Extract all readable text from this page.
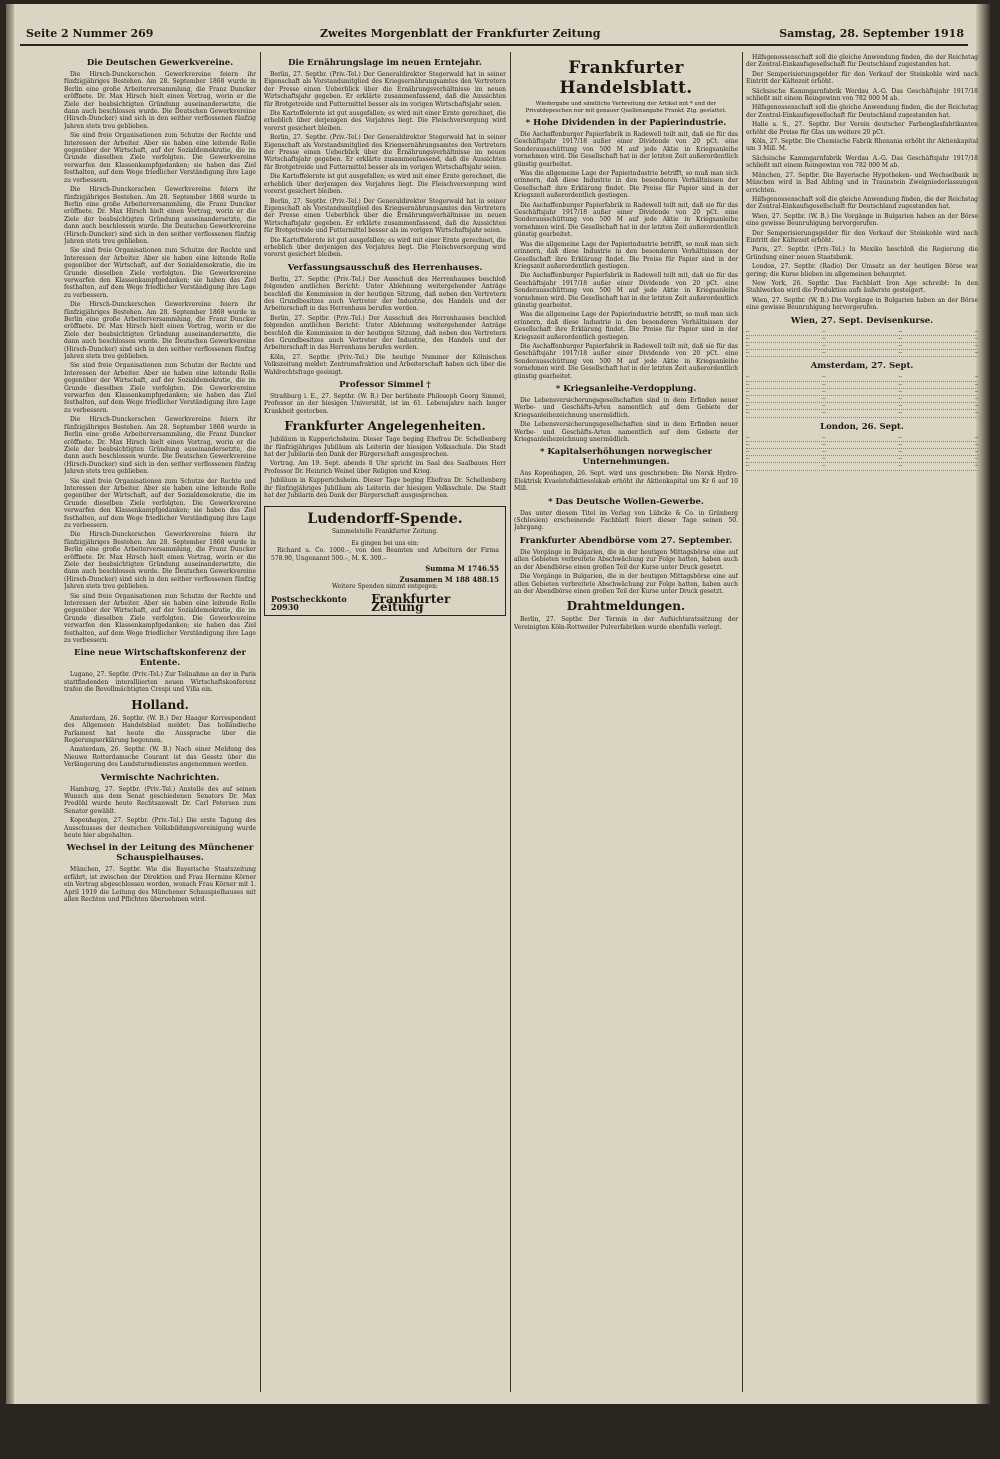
Seite 2 Nummer 269	Zweites Morgenblatt der Frankfurter Zeitung	Samstag, 28. September 1918
Die Deutschen Gewerkvereine.

Die Hirsch-Dunckerschen Gewerkvereine feiern ihr fünfzigjähriges Bestehen. Am 28. September 1868 wurde in Berlin eine große Arbeiterversammlung, die Franz Duncker eröffnete. Dr. Max Hirsch hielt einen Vortrag, worin er die Ziele der beabsichtigten Gründung auseinandersetzte, die dann auch beschlossen wurde. Die Deutschen Gewerkvereine (Hirsch-Duncker) sind sich in den seither verflossenen fünfzig Jahren stets treu geblieben.

Sie sind freie Organisationen zum Schutze der Rechte und Interessen der Arbeiter. Aber sie haben eine leitende Rolle gegenüber der Wirtschaft, auf der Sozialdemokratie, die im Grunde dieselben Ziele verfolgten. Die Gewerkvereine verwarfen den Klassenkampfgedanken; sie haben das Ziel festhalten, auf dem Wege friedlicher Verständigung ihre Lage zu verbessern.

Die Hirsch-Dunckerschen Gewerkvereine feiern ihr fünfzigjähriges Bestehen. Am 28. September 1868 wurde in Berlin eine große Arbeiterversammlung, die Franz Duncker eröffnete. Dr. Max Hirsch hielt einen Vortrag, worin er die Ziele der beabsichtigten Gründung auseinandersetzte, die dann auch beschlossen wurde. Die Deutschen Gewerkvereine (Hirsch-Duncker) sind sich in den seither verflossenen fünfzig Jahren stets treu geblieben.

Sie sind freie Organisationen zum Schutze der Rechte und Interessen der Arbeiter. Aber sie haben eine leitende Rolle gegenüber der Wirtschaft, auf der Sozialdemokratie, die im Grunde dieselben Ziele verfolgten. Die Gewerkvereine verwarfen den Klassenkampfgedanken; sie haben das Ziel festhalten, auf dem Wege friedlicher Verständigung ihre Lage zu verbessern.

Die Hirsch-Dunckerschen Gewerkvereine feiern ihr fünfzigjähriges Bestehen. Am 28. September 1868 wurde in Berlin eine große Arbeiterversammlung, die Franz Duncker eröffnete. Dr. Max Hirsch hielt einen Vortrag, worin er die Ziele der beabsichtigten Gründung auseinandersetzte, die dann auch beschlossen wurde. Die Deutschen Gewerkvereine (Hirsch-Duncker) sind sich in den seither verflossenen fünfzig Jahren stets treu geblieben.

Sie sind freie Organisationen zum Schutze der Rechte und Interessen der Arbeiter. Aber sie haben eine leitende Rolle gegenüber der Wirtschaft, auf der Sozialdemokratie, die im Grunde dieselben Ziele verfolgten. Die Gewerkvereine verwarfen den Klassenkampfgedanken; sie haben das Ziel festhalten, auf dem Wege friedlicher Verständigung ihre Lage zu verbessern.

Die Hirsch-Dunckerschen Gewerkvereine feiern ihr fünfzigjähriges Bestehen. Am 28. September 1868 wurde in Berlin eine große Arbeiterversammlung, die Franz Duncker eröffnete. Dr. Max Hirsch hielt einen Vortrag, worin er die Ziele der beabsichtigten Gründung auseinandersetzte, die dann auch beschlossen wurde. Die Deutschen Gewerkvereine (Hirsch-Duncker) sind sich in den seither verflossenen fünfzig Jahren stets treu geblieben.

Sie sind freie Organisationen zum Schutze der Rechte und Interessen der Arbeiter. Aber sie haben eine leitende Rolle gegenüber der Wirtschaft, auf der Sozialdemokratie, die im Grunde dieselben Ziele verfolgten. Die Gewerkvereine verwarfen den Klassenkampfgedanken; sie haben das Ziel festhalten, auf dem Wege friedlicher Verständigung ihre Lage zu verbessern.

Die Hirsch-Dunckerschen Gewerkvereine feiern ihr fünfzigjähriges Bestehen. Am 28. September 1868 wurde in Berlin eine große Arbeiterversammlung, die Franz Duncker eröffnete. Dr. Max Hirsch hielt einen Vortrag, worin er die Ziele der beabsichtigten Gründung auseinandersetzte, die dann auch beschlossen wurde. Die Deutschen Gewerkvereine (Hirsch-Duncker) sind sich in den seither verflossenen fünfzig Jahren stets treu geblieben.

Sie sind freie Organisationen zum Schutze der Rechte und Interessen der Arbeiter. Aber sie haben eine leitende Rolle gegenüber der Wirtschaft, auf der Sozialdemokratie, die im Grunde dieselben Ziele verfolgten. Die Gewerkvereine verwarfen den Klassenkampfgedanken; sie haben das Ziel festhalten, auf dem Wege friedlicher Verständigung ihre Lage zu verbessern.

Eine neue Wirtschaftskonferenz der Entente.

Lugano, 27. Septbr. (Priv.-Tel.) Zur Teilnahme an der in Paris stattfindenden interalliierten neuen Wirtschaftskonferenz trafen die Bevollmächtigten Crespi und Villa ein.

Holland.

Amsterdam, 26. Septbr. (W. B.) Der Haager Korrespondent des Allgemeen Handelsblad meldet: Das holländische Parlament hat heute die Aussprache über die Regierungserklärung begonnen.

Amsterdam, 26. Septbr. (W. B.) Nach einer Meldung des Nieuwe Rotterdamsche Courant ist das Gesetz über die Verlängerung des Landsturmdienstes angenommen worden.

Vermischte Nachrichten.

Hamburg, 27. Septbr. (Priv.-Tel.) Anstelle des auf seinen Wunsch aus dem Senat geschiedenen Senators Dr. Max Predöhl wurde heute Rechtsanwalt Dr. Carl Petersen zum Senator gewählt.

Kopenhagen, 27. Septbr. (Priv.-Tel.) Die erste Tagung des Ausschusses der deutschen Volksbildungsvereinigung wurde heute hier abgehalten.

Wechsel in der Leitung des Münchener Schauspielhauses.

München, 27. Septbr. Wie die Bayerische Staatszeitung erfährt, ist zwischen der Direktion und Frau Hermine Körner ein Vertrag abgeschlossen worden, wonach Frau Körner mit 1. April 1919 die Leitung des Münchener Schauspielhauses mit allen Rechten und Pflichten übernehmen wird.

Die Ernährungslage im neuen Erntejahr.

Berlin, 27. Septbr. (Priv.-Tel.) Der Generaldirektor Stegerwald hat in seiner Eigenschaft als Vorstandsmitglied des Kriegsernährungsamtes den Vertretern der Presse einen Ueberblick über die Ernährungsverhältnisse im neuen Wirtschaftsjahr gegeben. Er erklärte zusammenfassend, daß die Aussichten für Brotgetreide und Futtermittel besser als im vorigen Wirtschaftsjahr seien.

Die Kartoffelernte ist gut ausgefallen; es wird mit einer Ernte gerechnet, die erheblich über derjenigen des Vorjahres liegt. Die Fleischversorgung wird vorerst gesichert bleiben.

Berlin, 27. Septbr. (Priv.-Tel.) Der Generaldirektor Stegerwald hat in seiner Eigenschaft als Vorstandsmitglied des Kriegsernährungsamtes den Vertretern der Presse einen Ueberblick über die Ernährungsverhältnisse im neuen Wirtschaftsjahr gegeben. Er erklärte zusammenfassend, daß die Aussichten für Brotgetreide und Futtermittel besser als im vorigen Wirtschaftsjahr seien.

Die Kartoffelernte ist gut ausgefallen; es wird mit einer Ernte gerechnet, die erheblich über derjenigen des Vorjahres liegt. Die Fleischversorgung wird vorerst gesichert bleiben.

Berlin, 27. Septbr. (Priv.-Tel.) Der Generaldirektor Stegerwald hat in seiner Eigenschaft als Vorstandsmitglied des Kriegsernährungsamtes den Vertretern der Presse einen Ueberblick über die Ernährungsverhältnisse im neuen Wirtschaftsjahr gegeben. Er erklärte zusammenfassend, daß die Aussichten für Brotgetreide und Futtermittel besser als im vorigen Wirtschaftsjahr seien.

Die Kartoffelernte ist gut ausgefallen; es wird mit einer Ernte gerechnet, die erheblich über derjenigen des Vorjahres liegt. Die Fleischversorgung wird vorerst gesichert bleiben.

Verfassungsausschuß des Herrenhauses.

Berlin, 27. Septbr. (Priv.-Tel.) Der Ausschuß des Herrenhauses beschloß folgenden amtlichen Bericht: Unter Ablehnung weitergehender Anträge beschloß die Kommission in der heutigen Sitzung, daß neben den Vertretern des Grundbesitzes auch Vertreter der Industrie, des Handels und der Arbeiterschaft in das Herrenhaus berufen werden.

Berlin, 27. Septbr. (Priv.-Tel.) Der Ausschuß des Herrenhauses beschloß folgenden amtlichen Bericht: Unter Ablehnung weitergehender Anträge beschloß die Kommission in der heutigen Sitzung, daß neben den Vertretern des Grundbesitzes auch Vertreter der Industrie, des Handels und der Arbeiterschaft in das Herrenhaus berufen werden.

Köln, 27. Septbr. (Priv.-Tel.) Die heutige Nummer der Kölnischen Volkszeitung meldet: Zentrumsfraktion und Arbeiterschaft haben sich über die Wahlrechtsfrage geeinigt.

Professor Simmel †

Straßburg i. E., 27. Septbr. (W. B.) Der berühmte Philosoph Georg Simmel, Professor an der hiesigen Universität, ist im 61. Lebensjahre nach langer Krankheit gestorben.

Frankfurter Angelegenheiten.

Jubiläum in Kupperichsheim. Dieser Tage beging Ehefrau Dr. Schellenberg ihr fünfzigjähriges Jubiläum als Leiterin der hiesigen Volksschule. Die Stadt hat der Jubilarin den Dank der Bürgerschaft ausgesprochen.

Vortrag. Am 19. Sept. abends 8 Uhr spricht im Saal des Saalbaues Herr Professor Dr. Heinrich Weinel über Religion und Krieg.

Jubiläum in Kupperichsheim. Dieser Tage beging Ehefrau Dr. Schellenberg ihr fünfzigjähriges Jubiläum als Leiterin der hiesigen Volksschule. Die Stadt hat der Jubilarin den Dank der Bürgerschaft ausgesprochen.

Ludendorff-Spende.
Sammelstelle Frankfurter Zeitung.
Es gingen bei uns ein:

Richard u. Co. 1000.–, von den Beamten und Arbeitern der Firma 578.90, Ungenannt 500.–, M. K. 300.–

Summa M 1746.55
Zusammen M 188 488.15
Weitere Spenden nimmt entgegen:
Postscheckkonto 20930
Frankfurter Zeitung
Frankfurter Handelsblatt.
Wiedergabe und sämtliche Verbreitung der Artikel mit * und der Privatdepeschen nur mit genauer Quellenangabe Frankf. Ztg. gestattet.
* Hohe Dividenden in der Papierindustrie.

Die Aschaffenburger Papierfabrik in Radewell teilt mit, daß sie für das Geschäftsjahr 1917/18 außer einer Dividende von 20 pCt. eine Sonderausschüttung von 500 M auf jede Aktie in Kriegsanleihe vornehmen wird. Die Gesellschaft hat in der letzten Zeit außerordentlich günstig gearbeitet.

Was die allgemeine Lage der Papierindustrie betrifft, so muß man sich erinnern, daß diese Industrie in den besonderen Verhältnissen der Gesellschaft ihre Erklärung findet. Die Preise für Papier sind in der Kriegszeit außerordentlich gestiegen.

Die Aschaffenburger Papierfabrik in Radewell teilt mit, daß sie für das Geschäftsjahr 1917/18 außer einer Dividende von 20 pCt. eine Sonderausschüttung von 500 M auf jede Aktie in Kriegsanleihe vornehmen wird. Die Gesellschaft hat in der letzten Zeit außerordentlich günstig gearbeitet.

Was die allgemeine Lage der Papierindustrie betrifft, so muß man sich erinnern, daß diese Industrie in den besonderen Verhältnissen der Gesellschaft ihre Erklärung findet. Die Preise für Papier sind in der Kriegszeit außerordentlich gestiegen.

Die Aschaffenburger Papierfabrik in Radewell teilt mit, daß sie für das Geschäftsjahr 1917/18 außer einer Dividende von 20 pCt. eine Sonderausschüttung von 500 M auf jede Aktie in Kriegsanleihe vornehmen wird. Die Gesellschaft hat in der letzten Zeit außerordentlich günstig gearbeitet.

Was die allgemeine Lage der Papierindustrie betrifft, so muß man sich erinnern, daß diese Industrie in den besonderen Verhältnissen der Gesellschaft ihre Erklärung findet. Die Preise für Papier sind in der Kriegszeit außerordentlich gestiegen.

Die Aschaffenburger Papierfabrik in Radewell teilt mit, daß sie für das Geschäftsjahr 1917/18 außer einer Dividende von 20 pCt. eine Sonderausschüttung von 500 M auf jede Aktie in Kriegsanleihe vornehmen wird. Die Gesellschaft hat in der letzten Zeit außerordentlich günstig gearbeitet.

* Kriegsanleihe-Verdopplung.

Die Lebensversicherungsgesellschaften sind in dem Erfinden neuer Werbe- und Geschäfts-Arten namentlich auf dem Gebiete der Kriegsanleihezeichnung unermüdlich.

Die Lebensversicherungsgesellschaften sind in dem Erfinden neuer Werbe- und Geschäfts-Arten namentlich auf dem Gebiete der Kriegsanleihezeichnung unermüdlich.

* Kapitalserhöhungen norwegischer Unternehmungen.

Aus Kopenhagen, 26. Sept. wird uns geschrieben: Die Norsk Hydro-Elektrisk Kvaelstofaktieselskab erhöht ihr Aktienkapital um Kr 6 auf 10 Mill.

* Das Deutsche Wollen-Gewerbe.

Das unter diesem Titel im Verlag von Lübcke & Co. in Grünberg (Schlesien) erscheinende Fachblatt feiert dieser Tage seinen 50. Jahrgang.

Frankfurter Abendbörse vom 27. September.

Die Vorgänge in Bulgarien, die in der heutigen Mittagsbörse eine auf allen Gebieten verbreitete Abschwächung zur Folge hatten, haben auch an der Abendbörse einen großen Teil der Kurse unter Druck gesetzt.

Die Vorgänge in Bulgarien, die in der heutigen Mittagsbörse eine auf allen Gebieten verbreitete Abschwächung zur Folge hatten, haben auch an der Abendbörse einen großen Teil der Kurse unter Druck gesetzt.

Drahtmeldungen.

Berlin, 27. Septbr. Der Termin in der Aufsichtsratssitzung der Vereinigten Köln-Rottweiler Pulverfabriken wurde ebenfalls verlegt.

Hilfsgenossenschaft soll die gleiche Anwendung finden, die der Reichstag der Zentral-Einkaufsgesellschaft für Deutschland zugestanden hat.

Der Semperisierungsgelder für den Verkauf der Steinkohle wird nach Eintritt der Kältezeit erhöht.

Sächsische Kammgarnfabrik Werdau A.-G. Das Geschäftsjahr 1917/18 schließt mit einem Reingewinn von 782 000 M ab.

Hilfsgenossenschaft soll die gleiche Anwendung finden, die der Reichstag der Zentral-Einkaufsgesellschaft für Deutschland zugestanden hat.

Halle a. S., 27. Septbr. Der Verein deutscher Farbenglasfabrikanten erhöht die Preise für Glas um weitere 20 pCt.

Köln, 27. Septbr. Die Chemische Fabrik Rhenania erhöht ihr Aktienkapital um 3 Mill. M.

Sächsische Kammgarnfabrik Werdau A.-G. Das Geschäftsjahr 1917/18 schließt mit einem Reingewinn von 782 000 M ab.

München, 27. Septbr. Die Bayerische Hypotheken- und Wechselbank in München wird in Bad Aibling und in Traunstein Zweigniederlassungen errichten.

Hilfsgenossenschaft soll die gleiche Anwendung finden, die der Reichstag der Zentral-Einkaufsgesellschaft für Deutschland zugestanden hat.

Wien, 27. Septbr. (W. B.) Die Vorgänge in Bulgarien haben an der Börse eine gewisse Beunruhigung hervorgerufen.

Der Semperisierungsgelder für den Verkauf der Steinkohle wird nach Eintritt der Kältezeit erhöht.

Paris, 27. Septbr. (Priv.-Tel.) In Mexiko beschloß die Regierung die Gründung einer neuen Staatsbank.

London, 27. Septbr. (Radio) Der Umsatz an der heutigen Börse war gering; die Kurse blieben im allgemeinen behauptet.

New York, 26. Septbr. Das Fachblatt Iron Age schreibt: In den Stahlwerken wird die Produktion aufs äußerste gesteigert.

Wien, 27. Septbr. (W. B.) Die Vorgänge in Bulgarien haben an der Börse eine gewisse Beunruhigung hervorgerufen.

Wien, 27. Sept. Devisenkurse.
—	—	—	—
—	—	—	—
—	—	—	—
—	—	—	—
Amsterdam, 27. Sept.
—	—	—	—
—	—	—	—
—	—	—	—
—	—	—	—
—	—	—	—
—	—	—	—
London, 26. Sept.
—	—	—	—
—	—	—	—
—	—	—	—
—	—	—	—
—	—	—	—
